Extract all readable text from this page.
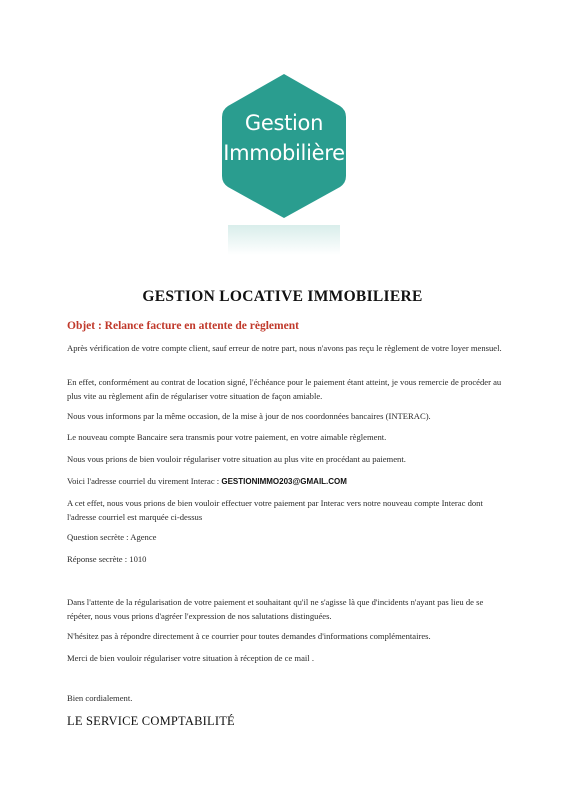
Gestion
Immobilière
GESTION LOCATIVE IMMOBILIERE
Objet : Relance facture en attente de règlement
Après vérification de votre compte client, sauf erreur de notre part, nous n'avons pas reçu le règlement de votre loyer mensuel.
En effet, conformément au contrat de location signé, l'échéance pour le paiement étant atteint, je vous remercie de procéder au plus vite au règlement afin de régulariser votre situation de façon amiable.
Nous vous informons par la même occasion, de la mise à jour de nos coordonnées bancaires (INTERAC).
Le nouveau compte Bancaire sera transmis pour votre paiement, en votre aimable règlement.
Nous vous prions de bien vouloir régulariser votre situation au plus vite en procédant au paiement.
Voici l'adresse courriel du virement Interac : GESTIONIMMO203@GMAIL.COM
A cet effet, nous vous prions de bien vouloir effectuer votre paiement par Interac vers notre nouveau compte Interac dont l'adresse courriel est marquée ci-dessus
Question secrète : Agence
Réponse secrète : 1010
Dans l'attente de la régularisation de votre paiement et souhaitant qu'il ne s'agisse là que d'incidents n'ayant pas lieu de se répéter, nous vous prions d'agréer l'expression de nos salutations distinguées.
N'hésitez pas à répondre directement à ce courrier pour toutes demandes d'informations complémentaires.
Merci de bien vouloir régulariser votre situation à réception de ce mail .
Bien cordialement.
LE SERVICE COMPTABILITÉ
